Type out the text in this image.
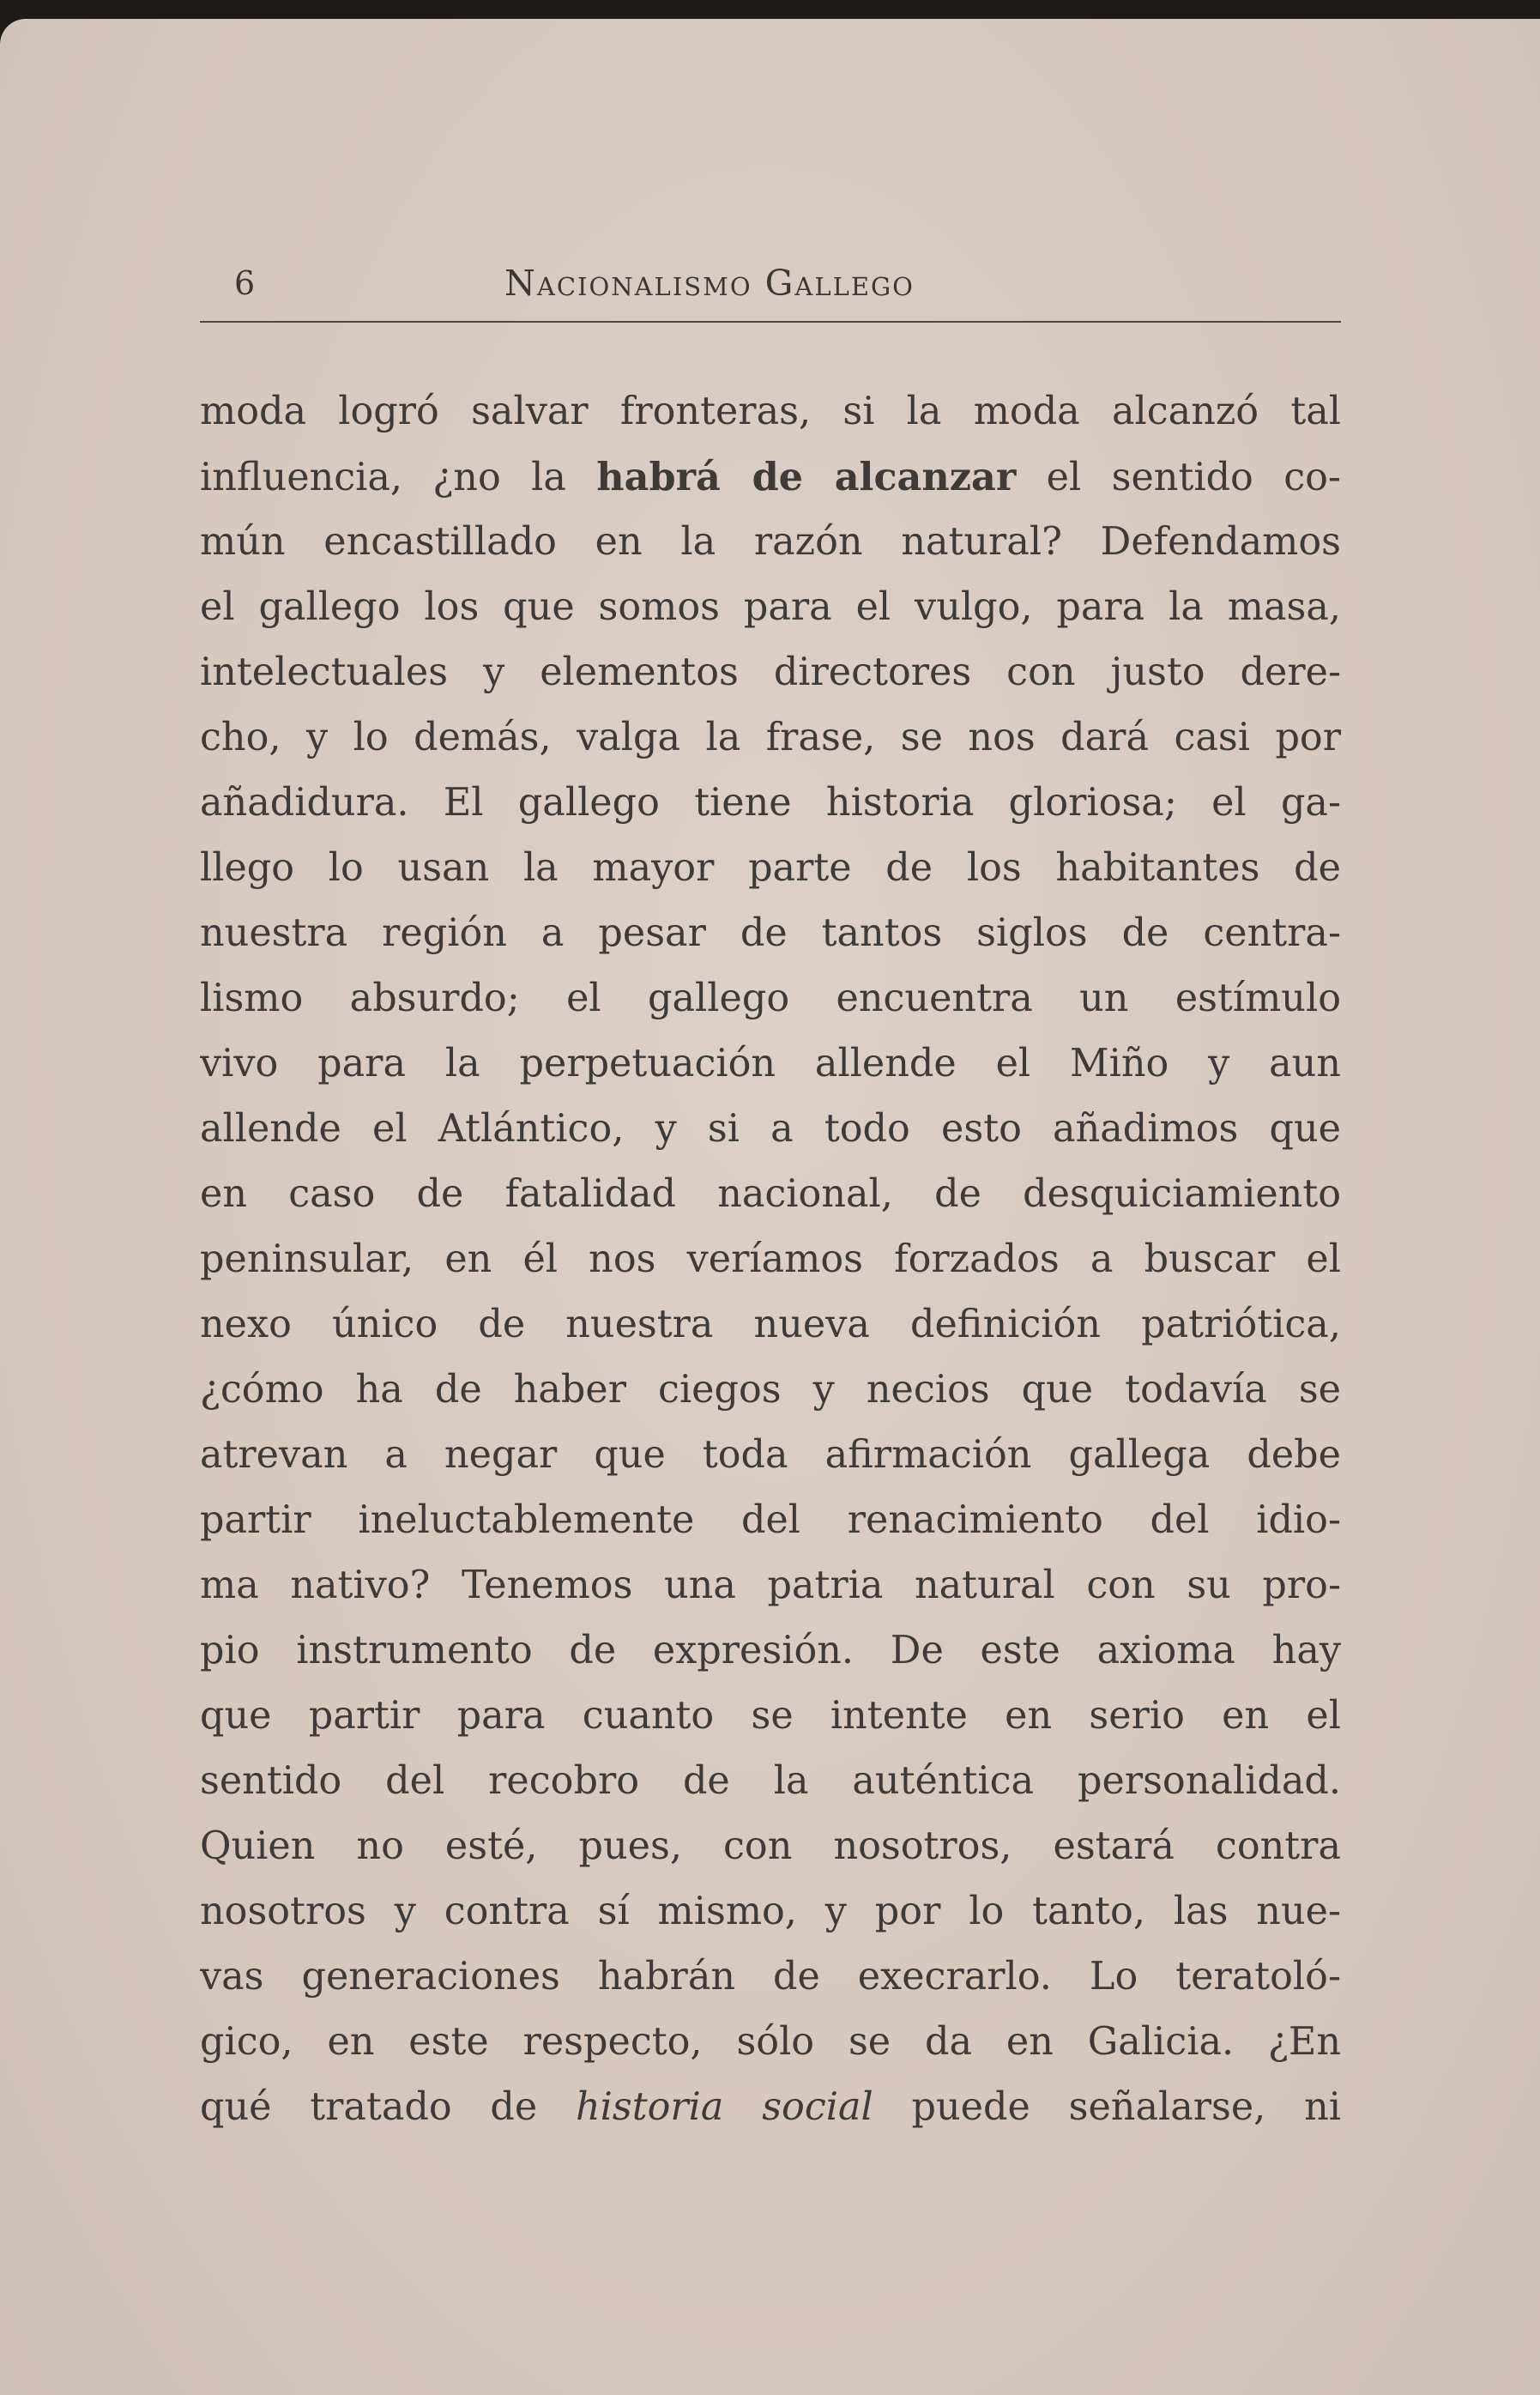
6	Nacionalismo Gallego
moda logró salvar fronteras, si la moda alcanzó tal
influencia, ¿no la habrá de alcanzar el sentido co-
mún encastillado en la razón natural? Defendamos
el gallego los que somos para el vulgo, para la masa,
intelectuales y elementos directores con justo dere-
cho, y lo demás, valga la frase, se nos dará casi por
añadidura. El gallego tiene historia gloriosa; el ga-
llego lo usan la mayor parte de los habitantes de
nuestra región a pesar de tantos siglos de centra-
lismo absurdo; el gallego encuentra un estímulo
vivo para la perpetuación allende el Miño y aun
allende el Atlántico, y si a todo esto añadimos que
en caso de fatalidad nacional, de desquiciamiento
peninsular, en él nos veríamos forzados a buscar el
nexo único de nuestra nueva definición patriótica,
¿cómo ha de haber ciegos y necios que todavía se
atrevan a negar que toda afirmación gallega debe
partir ineluctablemente del renacimiento del idio-
ma nativo? Tenemos una patria natural con su pro-
pio instrumento de expresión. De este axioma hay
que partir para cuanto se intente en serio en el
sentido del recobro de la auténtica personalidad.
Quien no esté, pues, con nosotros, estará contra
nosotros y contra sí mismo, y por lo tanto, las nue-
vas generaciones habrán de execrarlo. Lo teratoló-
gico, en este respecto, sólo se da en Galicia. ¿En
qué tratado de historia social puede señalarse, ni
